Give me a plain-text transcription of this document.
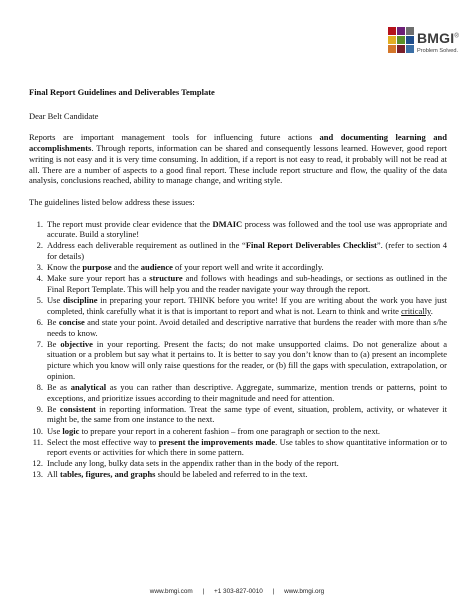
BMGI®
Problem Solved.
Final Report Guidelines and Deliverables Template
Dear Belt Candidate
Reports are important management tools for influencing future actions and documenting learning and accomplishments. Through reports, information can be shared and consequently lessons learned. However, good report writing is not easy and it is very time consuming. In addition, if a report is not easy to read, it probably will not be read at all. There are a number of aspects to a good final report. These include report structure and flow, the quality of the data analysis, conclusions reached, ability to manage change, and writing style.
The guidelines listed below address these issues:
1. The report must provide clear evidence that the DMAIC process was followed and the tool use was appropriate and accurate. Build a storyline!
2. Address each deliverable requirement as outlined in the “Final Report Deliverables Checklist”. (refer to section 4 for details)
3. Know the purpose and the audience of your report well and write it accordingly.
4. Make sure your report has a structure and follows with headings and sub-headings, or sections as outlined in the Final Report Template. This will help you and the reader navigate your way through the report.
5. Use discipline in preparing your report. THINK before you write! If you are writing about the work you have just completed, think carefully what it is that is important to report and what is not. Learn to think and write critically.
6. Be concise and state your point. Avoid detailed and descriptive narrative that burdens the reader with more than s/he needs to know.
7. Be objective in your reporting. Present the facts; do not make unsupported claims. Do not generalize about a situation or a problem but say what it pertains to. It is better to say you don’t know than to (a) present an incomplete picture which you know will only raise questions for the reader, or (b) fill the gaps with speculation, extrapolation, or opinion.
8. Be as analytical as you can rather than descriptive. Aggregate, summarize, mention trends or patterns, point to exceptions, and prioritize issues according to their magnitude and need for attention.
9. Be consistent in reporting information. Treat the same type of event, situation, problem, activity, or whatever it might be, the same from one instance to the next.
10. Use logic to prepare your report in a coherent fashion – from one paragraph or section to the next.
11. Select the most effective way to present the improvements made. Use tables to show quantitative information or to report events or activities for which there in some pattern.
12. Include any long, bulky data sets in the appendix rather than in the body of the report.
13. All tables, figures, and graphs should be labeled and referred to in the text.
www.bmgi.com | +1 303-827-0010 | www.bmgi.org
